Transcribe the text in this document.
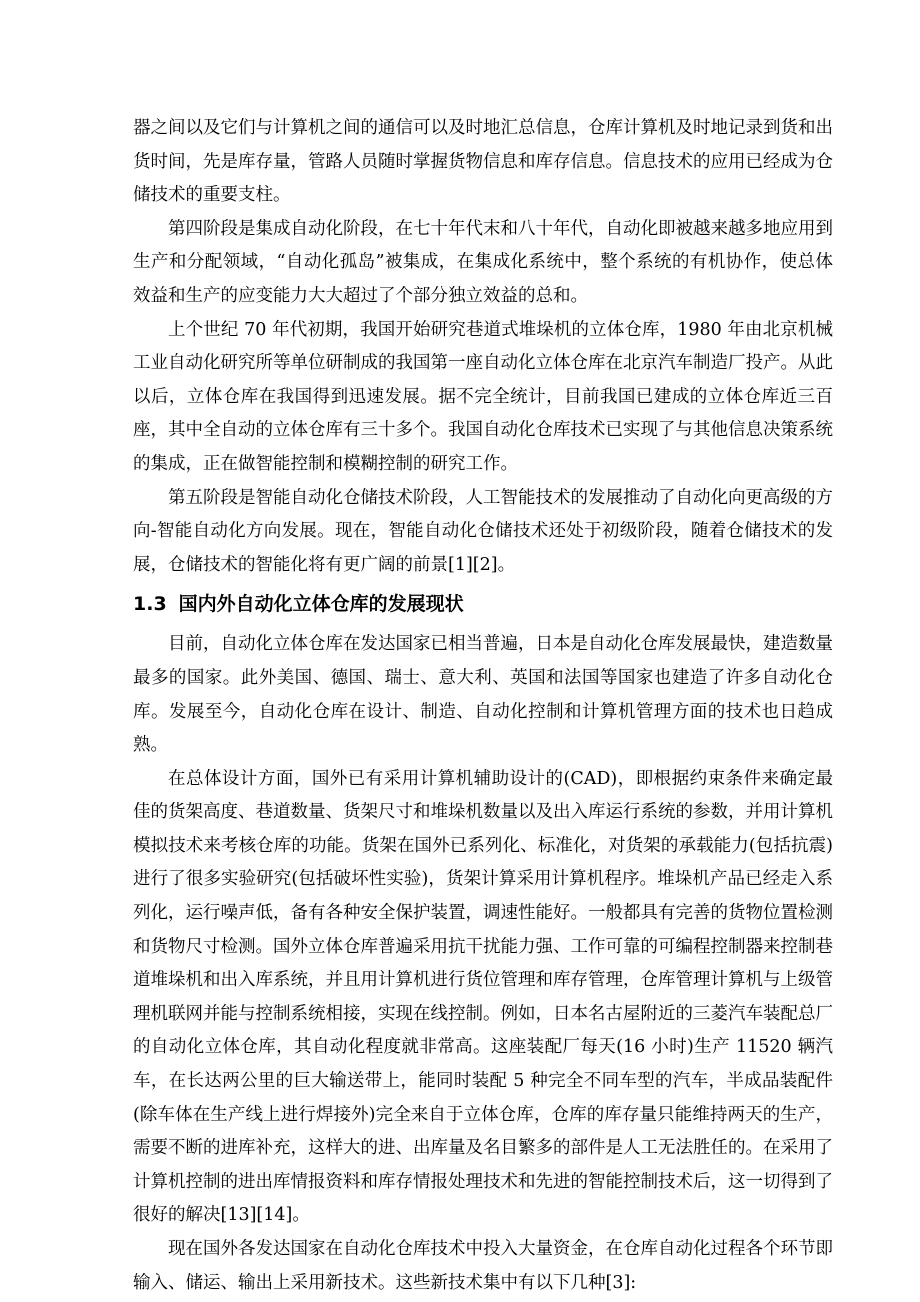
器之间以及它们与计算机之间的通信可以及时地汇总信息，仓库计算机及时地记录到货和出货时间，先是库存量，管路人员随时掌握货物信息和库存信息。信息技术的应用已经成为仓储技术的重要支柱。

第四阶段是集成自动化阶段，在七十年代末和八十年代，自动化即被越来越多地应用到生产和分配领域，“自动化孤岛”被集成，在集成化系统中，整个系统的有机协作，使总体效益和生产的应变能力大大超过了个部分独立效益的总和。

上个世纪 70 年代初期，我国开始研究巷道式堆垛机的立体仓库，1980 年由北京机械工业自动化研究所等单位研制成的我国第一座自动化立体仓库在北京汽车制造厂投产。从此以后，立体仓库在我国得到迅速发展。据不完全统计，目前我国已建成的立体仓库近三百座，其中全自动的立体仓库有三十多个。我国自动化仓库技术已实现了与其他信息决策系统的集成，正在做智能控制和模糊控制的研究工作。

第五阶段是智能自动化仓储技术阶段，人工智能技术的发展推动了自动化向更高级的方向-智能自动化方向发展。现在，智能自动化仓储技术还处于初级阶段，随着仓储技术的发展，仓储技术的智能化将有更广阔的前景[1][2]。

1.3 国内外自动化立体仓库的发展现状

目前，自动化立体仓库在发达国家已相当普遍，日本是自动化仓库发展最快，建造数量最多的国家。此外美国、德国、瑞士、意大利、英国和法国等国家也建造了许多自动化仓库。发展至今，自动化仓库在设计、制造、自动化控制和计算机管理方面的技术也日趋成熟。

在总体设计方面，国外已有采用计算机辅助设计的(CAD)，即根据约束条件来确定最佳的货架高度、巷道数量、货架尺寸和堆垛机数量以及出入库运行系统的参数，并用计算机模拟技术来考核仓库的功能。货架在国外已系列化、标准化，对货架的承载能力(包括抗震)进行了很多实验研究(包括破坏性实验)，货架计算采用计算机程序。堆垛机产品已经走入系列化，运行噪声低，备有各种安全保护装置，调速性能好。一般都具有完善的货物位置检测和货物尺寸检测。国外立体仓库普遍采用抗干扰能力强、工作可靠的可编程控制器来控制巷道堆垛机和出入库系统，并且用计算机进行货位管理和库存管理，仓库管理计算机与上级管理机联网并能与控制系统相接，实现在线控制。例如，日本名古屋附近的三菱汽车装配总厂的自动化立体仓库，其自动化程度就非常高。这座装配厂每天(16 小时)生产 11520 辆汽车，在长达两公里的巨大输送带上，能同时装配 5 种完全不同车型的汽车，半成品装配件(除车体在生产线上进行焊接外)完全来自于立体仓库，仓库的库存量只能维持两天的生产，需要不断的进库补充，这样大的进、出库量及名目繁多的部件是人工无法胜任的。在采用了计算机控制的进出库情报资料和库存情报处理技术和先进的智能控制技术后，这一切得到了很好的解决[13][14]。

现在国外各发达国家在自动化仓库技术中投入大量资金，在仓库自动化过程各个环节即输入、储运、输出上采用新技术。这些新技术集中有以下几种[3]:
